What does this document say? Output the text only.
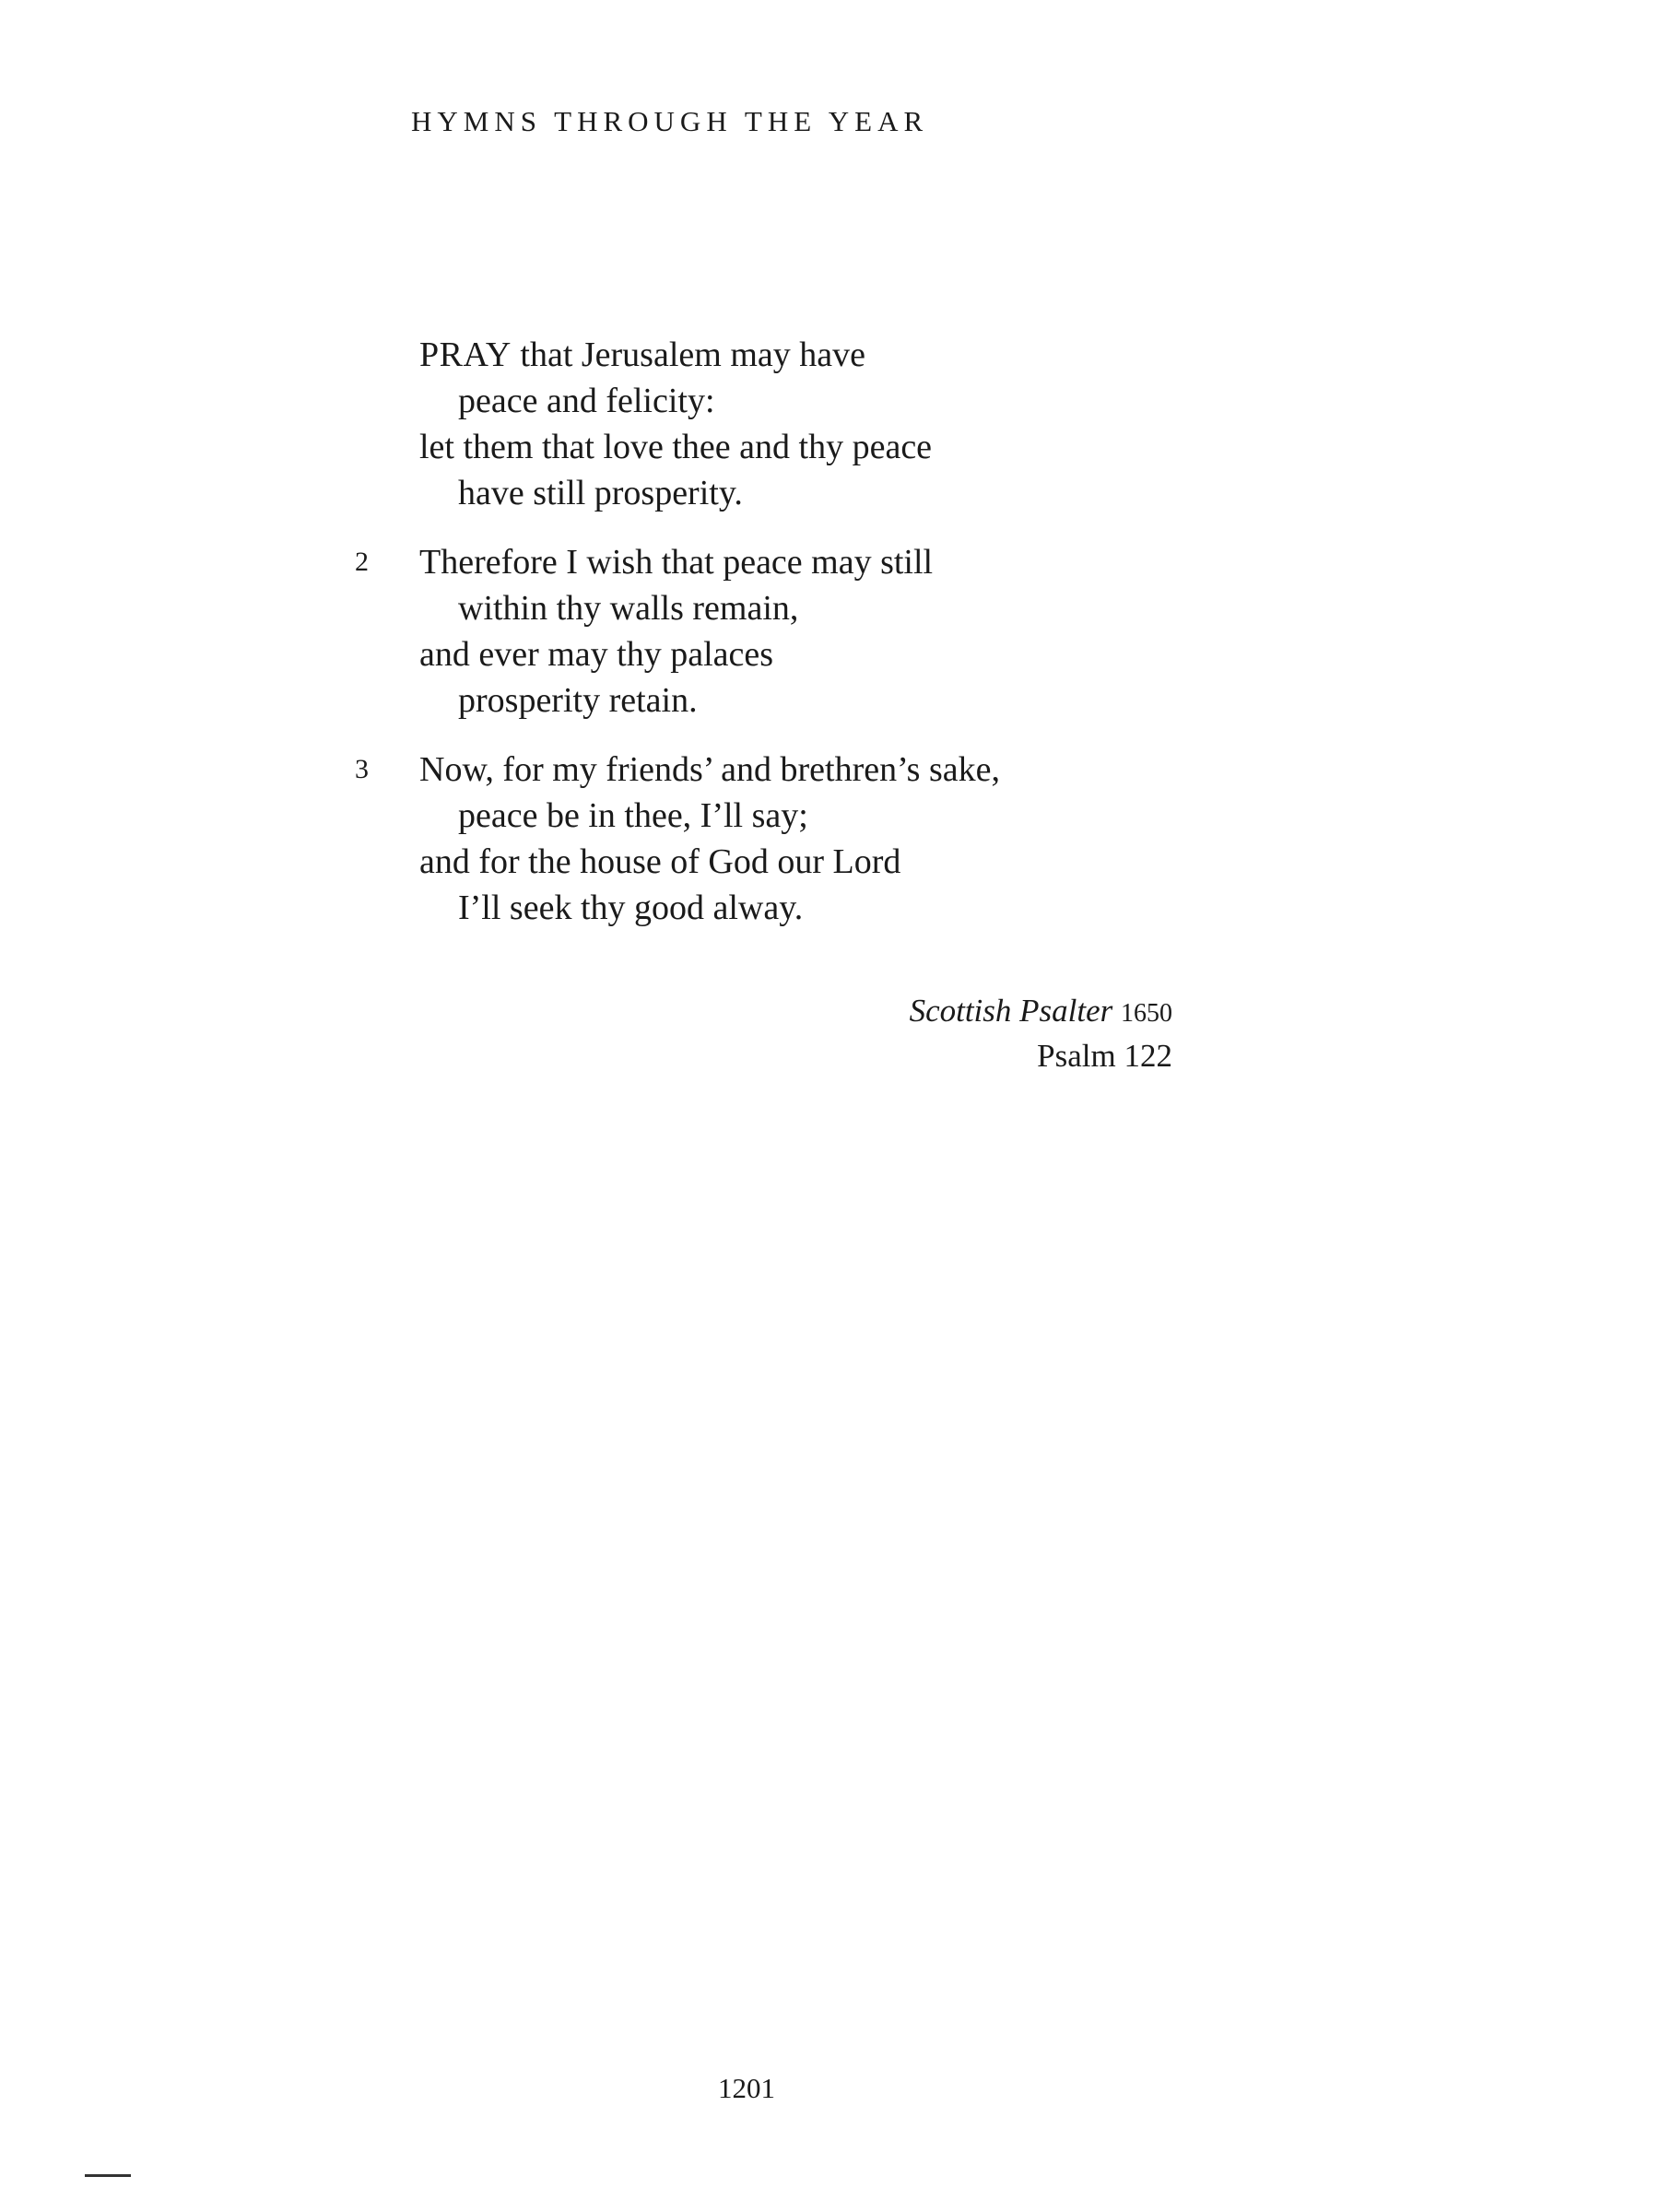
HYMNS THROUGH THE YEAR
PRAY that Jerusalem may have
peace and felicity:
let them that love thee and thy peace
have still prosperity.
2 Therefore I wish that peace may still
within thy walls remain,
and ever may thy palaces
prosperity retain.
3 Now, for my friends’ and brethren’s sake,
peace be in thee, I’ll say;
and for the house of God our Lord
I’ll seek thy good alway.
Scottish Psalter 1650
Psalm 122
1201
